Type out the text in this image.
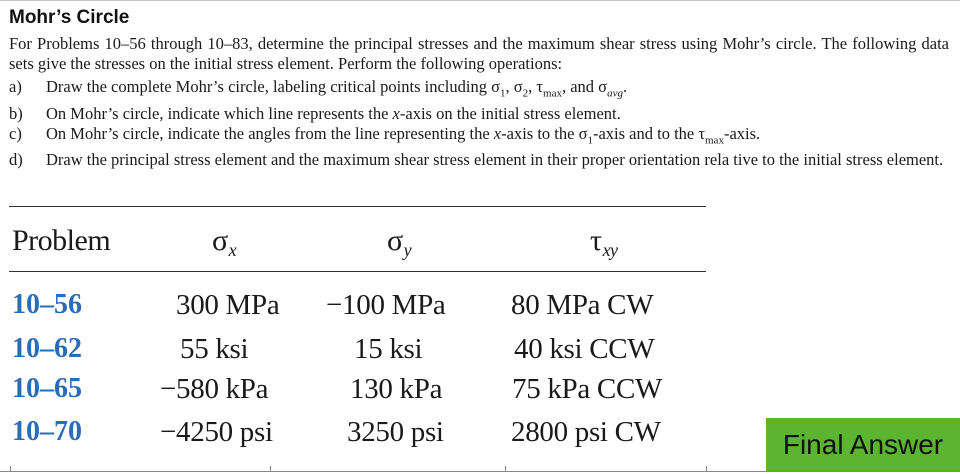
Mohr’s Circle
For Problems 10–56 through 10–83, determine the principal stresses and the maximum shear stress using Mohr’s circle. The following data sets give the stresses on the initial stress element. Perform the following operations:
a)	Draw the complete Mohr’s circle, labeling critical points including $\sigma_1$, $\sigma_2$, $\tau_{max}$, and $\sigma_{avg}$.
b)	On Mohr’s circle, indicate which line represents the x-axis on the initial stress element.
c)	On Mohr’s circle, indicate the angles from the line representing the x-axis to the $\sigma_1$-axis and to the $\tau_{max}$-axis.
d)	Draw the principal stress element and the maximum shear stress element in their proper orientation rela tive to the initial stress element.
Problem	$\sigma_x$	$\sigma_y$	$\tau_{xy}$
10–56	300 MPa −100 MPa 80 MPa CW
10–62	55 ksi	15 ksi	40 ksi CCW
10–65	−580 kPa	130 kPa 75 kPa CCW
10–70	−4250 psi	3250 psi 2800 psi CW	Final Answer
